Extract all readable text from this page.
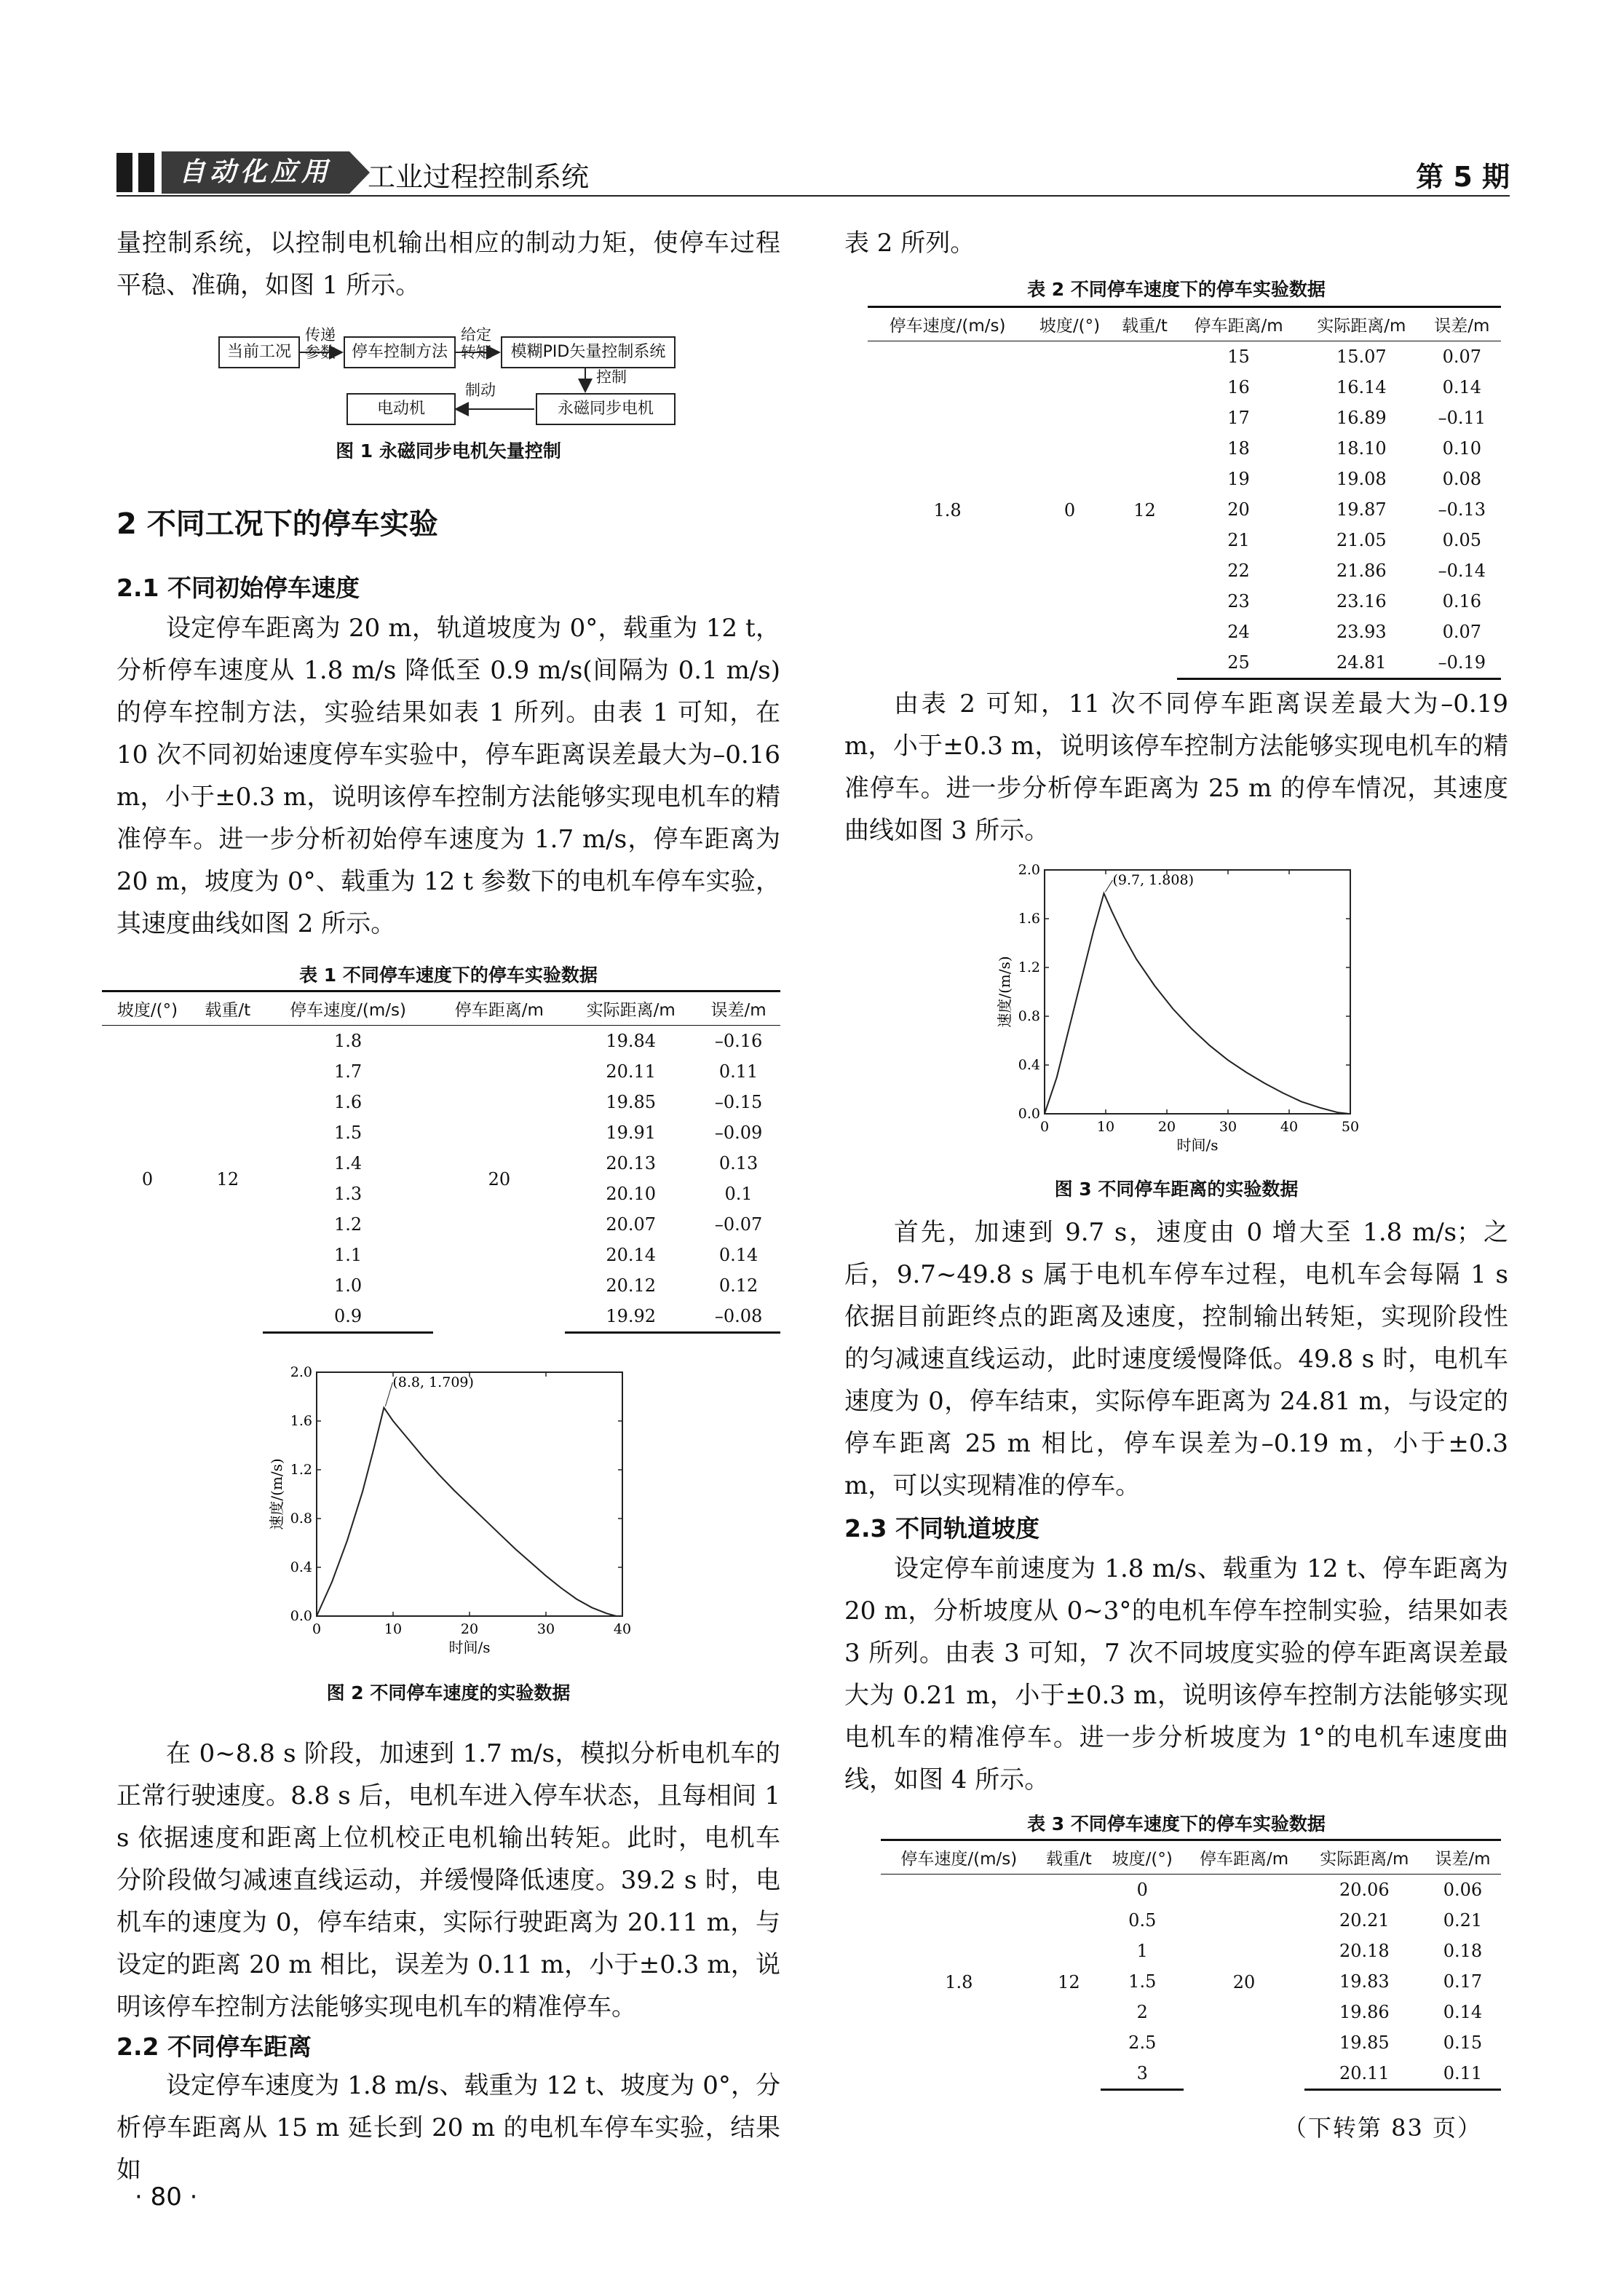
自动化应用	工业过程控制系统	第 5 期

量控制系统，以控制电机输出相应的制动力矩，使停车过程平稳、准确，如图 1 所示。

当前工况
传递
参数 停车控制方法
给定
转矩	模糊PID矢量控制系统
控制
永磁同步电机
制动
电动机
图 1 永磁同步电机矢量控制
2 不同工况下的停车实验
2.1 不同初始停车速度

设定停车距离为 20 m，轨道坡度为 0°，载重为 12 t，分析停车速度从 1.8 m/s 降低至 0.9 m/s(间隔为 0.1 m/s)的停车控制方法，实验结果如表 1 所列。由表 1 可知，在 10 次不同初始速度停车实验中，停车距离误差最大为–0.16 m，小于±0.3 m，说明该停车控制方法能够实现电机车的精准停车。进一步分析初始停车速度为 1.7 m/s，停车距离为 20 m，坡度为 0°、载重为 12 t 参数下的电机车停车实验，其速度曲线如图 2 所示。

表 1 不同停车速度下的停车实验数据
坡度/(°)	载重/t	停车速度/(m/s)	停车距离/m	实际距离/m	误差/m
0	12	1.8	20	19.84	–0.16
		1.7		20.11	0.11
		1.6		19.85	–0.15
		1.5		19.91	–0.09
		1.4		20.13	0.13
		1.3		20.10	0.1
		1.2		20.07	–0.07
		1.1		20.14	0.14
		1.0		20.12	0.12
		0.9		19.92	–0.08
0	10	20	30	40
0.0
0.4
0.8
1.2
1.6
2.0
时间/s
速度/(m/s)
(8.8, 1.709)
图 2 不同停车速度的实验数据

在 0~8.8 s 阶段，加速到 1.7 m/s，模拟分析电机车的正常行驶速度。8.8 s 后，电机车进入停车状态，且每相间 1 s 依据速度和距离上位机校正电机输出转矩。此时，电机车分阶段做匀减速直线运动，并缓慢降低速度。39.2 s 时，电机车的速度为 0，停车结束，实际行驶距离为 20.11 m，与设定的距离 20 m 相比，误差为 0.11 m，小于±0.3 m，说明该停车控制方法能够实现电机车的精准停车。

2.2 不同停车距离

设定停车速度为 1.8 m/s、载重为 12 t、坡度为 0°，分析停车距离从 15 m 延长到 20 m 的电机车停车实验，结果如

表 2 所列。

表 2 不同停车速度下的停车实验数据
停车速度/(m/s)	坡度/(°)	载重/t	停车距离/m	实际距离/m	误差/m
1.8	0	12	15	15.07	0.07
			16	16.14	0.14
			17	16.89	–0.11
			18	18.10	0.10
			19	19.08	0.08
			20	19.87	–0.13
			21	21.05	0.05
			22	21.86	–0.14
			23	23.16	0.16
			24	23.93	0.07
			25	24.81	–0.19

由表 2 可知，11 次不同停车距离误差最大为–0.19 m，小于±0.3 m，说明该停车控制方法能够实现电机车的精准停车。进一步分析停车距离为 25 m 的停车情况，其速度曲线如图 3 所示。

0	10	20	30	40	50
0.0
0.4
0.8
1.2
1.6
2.0
时间/s
速度/(m/s)
(9.7, 1.808)
图 3 不同停车距离的实验数据

首先，加速到 9.7 s，速度由 0 增大至 1.8 m/s；之后，9.7~49.8 s 属于电机车停车过程，电机车会每隔 1 s 依据目前距终点的距离及速度，控制输出转矩，实现阶段性的匀减速直线运动，此时速度缓慢降低。49.8 s 时，电机车速度为 0，停车结束，实际停车距离为 24.81 m，与设定的停车距离 25 m 相比，停车误差为–0.19 m，小于±0.3 m，可以实现精准的停车。

2.3 不同轨道坡度

设定停车前速度为 1.8 m/s、载重为 12 t、停车距离为 20 m，分析坡度从 0~3°的电机车停车控制实验，结果如表 3 所列。由表 3 可知，7 次不同坡度实验的停车距离误差最大为 0.21 m，小于±0.3 m，说明该停车控制方法能够实现电机车的精准停车。进一步分析坡度为 1°的电机车速度曲线，如图 4 所示。

表 3 不同停车速度下的停车实验数据
停车速度/(m/s)	载重/t	坡度/(°)	停车距离/m	实际距离/m	误差/m
1.8	12	0	20	20.06	0.06
		0.5		20.21	0.21
		1		20.18	0.18
		1.5		19.83	0.17
		2		19.86	0.14
		2.5		19.85	0.15
		3		20.11	0.11
（下转第 83 页）
· 80 ·
